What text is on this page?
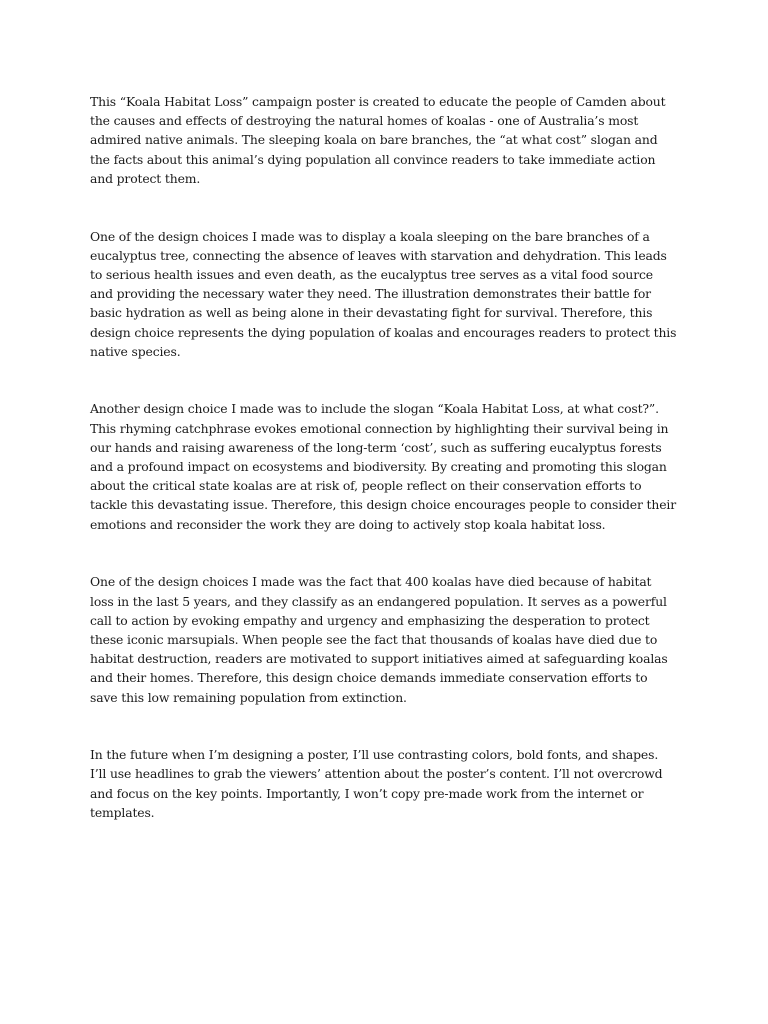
This “Koala Habitat Loss” campaign poster is created to educate the people of Camden about the causes and effects of destroying the natural homes of koalas - one of Australia’s most admired native animals. The sleeping koala on bare branches, the “at what cost” slogan and the facts about this animal’s dying population all convince readers to take immediate action and protect them.

One of the design choices I made was to display a koala sleeping on the bare branches of a eucalyptus tree, connecting the absence of leaves with starvation and dehydration. This leads to serious health issues and even death, as the eucalyptus tree serves as a vital food source and providing the necessary water they need. The illustration demonstrates their battle for basic hydration as well as being alone in their devastating fight for survival. Therefore, this design choice represents the dying population of koalas and encourages readers to protect this native species.

Another design choice I made was to include the slogan “Koala Habitat Loss, at what cost?”. This rhyming catchphrase evokes emotional connection by highlighting their survival being in our hands and raising awareness of the long-term ‘cost’, such as suffering eucalyptus forests and a profound impact on ecosystems and biodiversity. By creating and promoting this slogan about the critical state koalas are at risk of, people reflect on their conservation efforts to tackle this devastating issue. Therefore, this design choice encourages people to consider their emotions and reconsider the work they are doing to actively stop koala habitat loss.

One of the design choices I made was the fact that 400 koalas have died because of habitat loss in the last 5 years, and they classify as an endangered population. It serves as a powerful call to action by evoking empathy and urgency and emphasizing the desperation to protect these iconic marsupials. When people see the fact that thousands of koalas have died due to habitat destruction, readers are motivated to support initiatives aimed at safeguarding koalas and their homes. Therefore, this design choice demands immediate conservation efforts to save this low remaining population from extinction.

In the future when I’m designing a poster, I’ll use contrasting colors, bold fonts, and shapes. I’ll use headlines to grab the viewers’ attention about the poster’s content. I’ll not overcrowd and focus on the key points. Importantly, I won’t copy pre-made work from the internet or templates.
